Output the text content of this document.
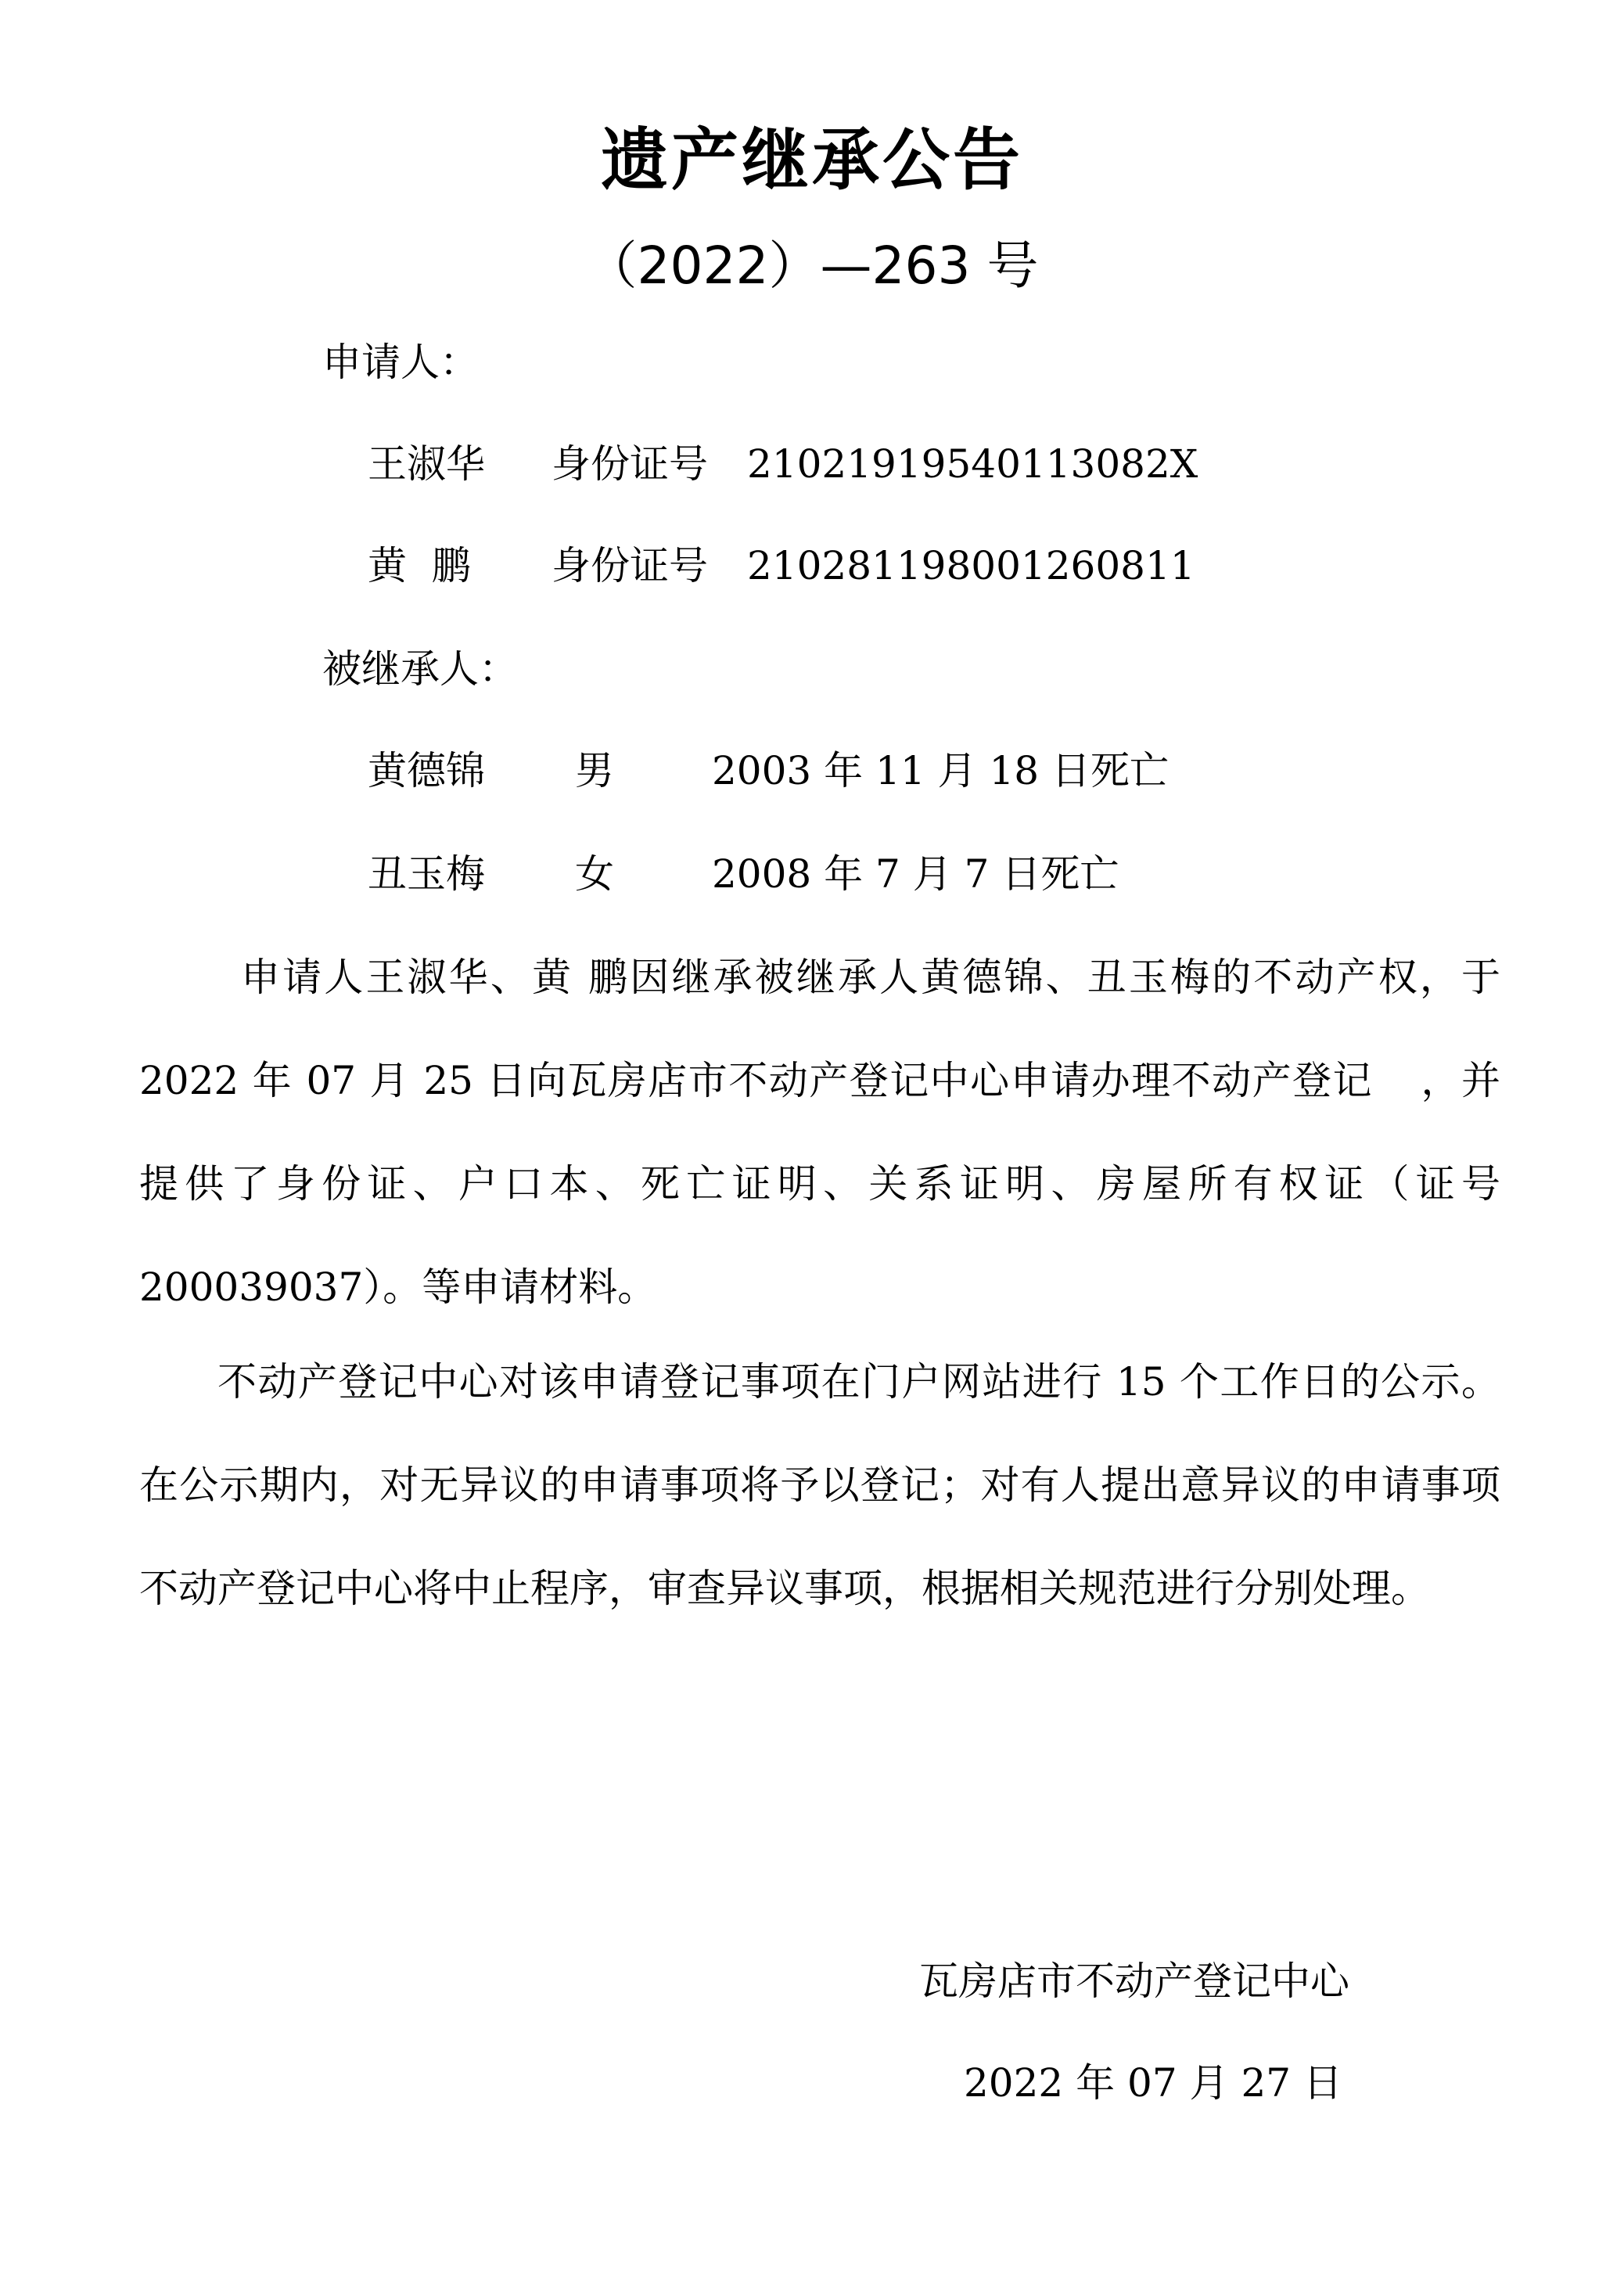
遗产继承公告
（2022）—263 号
申请人：
王淑华 身份证号 21021919540113082X
黄  鹏 身份证号 210281198001260811
被继承人：
黄德锦 男	2003 年 11 月 18 日死亡
丑玉梅 女	2008 年 7 月 7 日死亡
申请人王淑华、黄 鹏因继承被继承人黄德锦、丑玉梅的不动产权，于 2022 年 07 月 25 日向瓦房店市不动产登记中心申请办理不动产登记 ，并提供了身份证、户口本、死亡证明、关系证明、房屋所有权证（证号 200039037）。等申请材料。
不动产登记中心对该申请登记事项在门户网站进行 15 个工作日的公示。在公示期内，对无异议的申请事项将予以登记；对有人提出意异议的申请事项不动产登记中心将中止程序，审查异议事项，根据相关规范进行分别处理。
瓦房店市不动产登记中心
2022 年 07 月 27 日
